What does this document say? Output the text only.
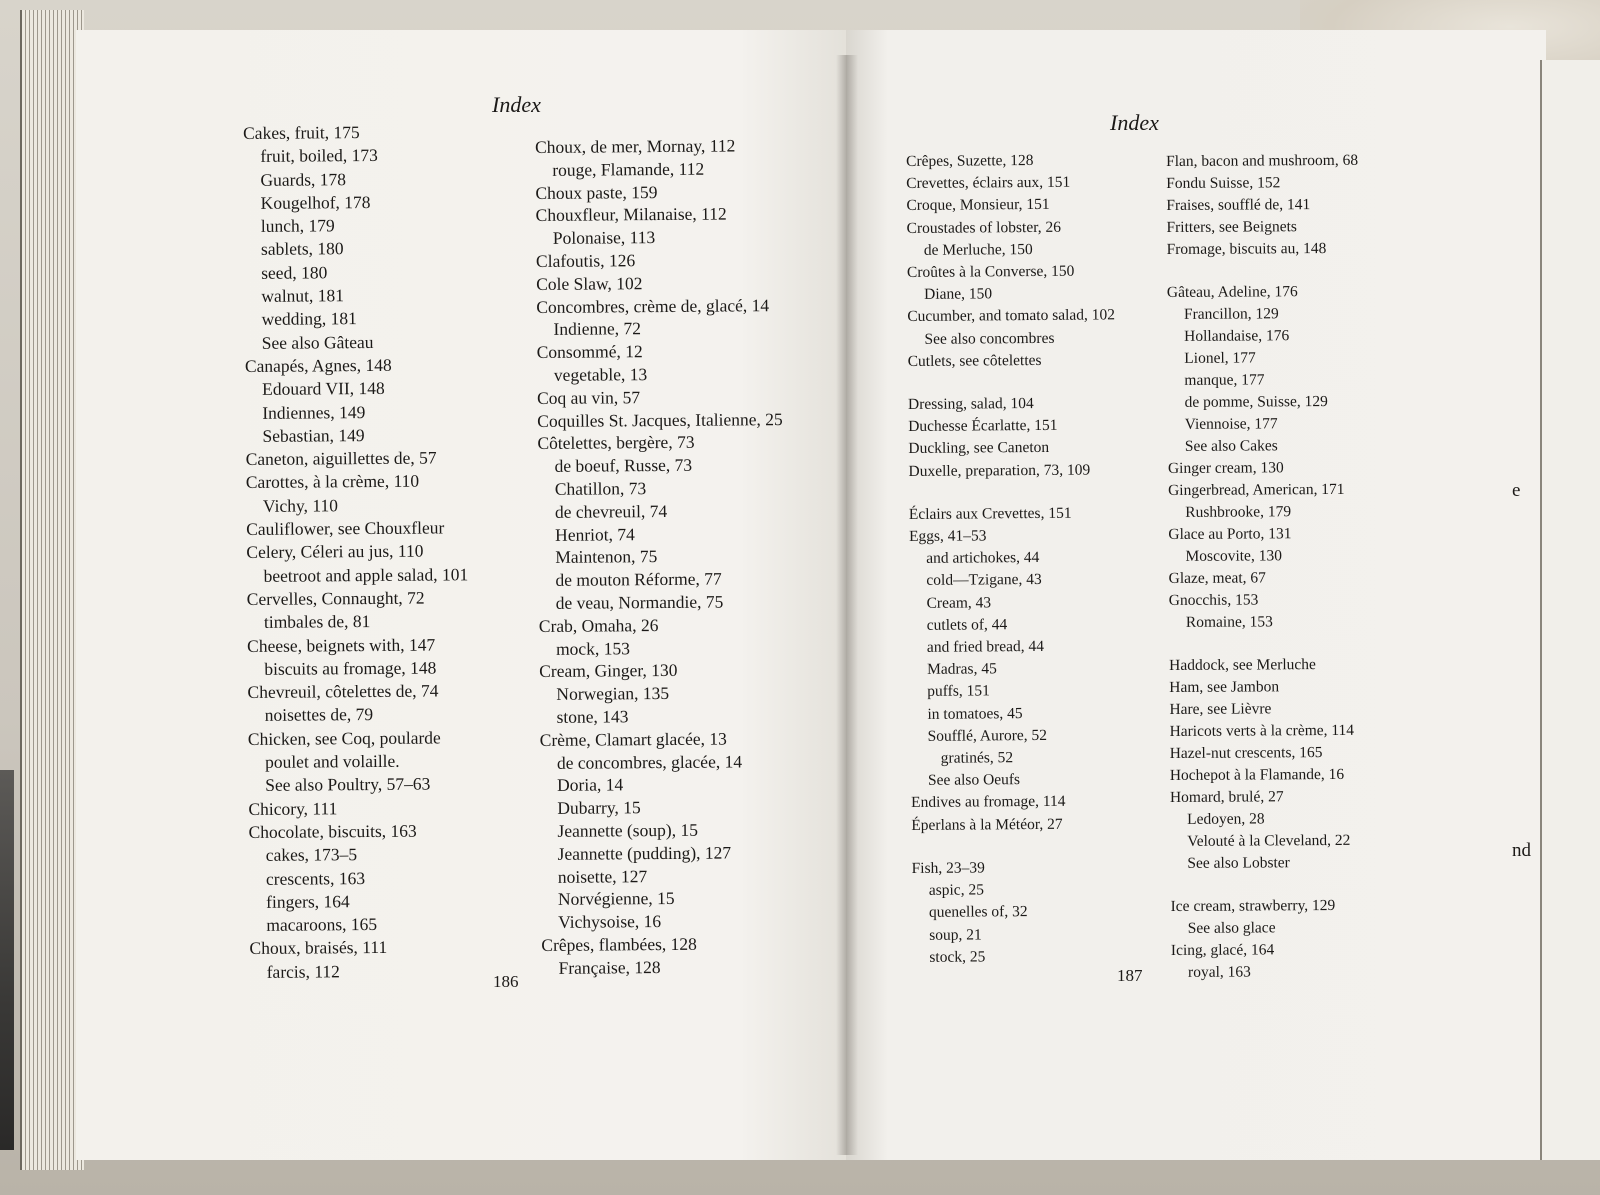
e
nd
Index
Index
Cakes, fruit, 175
fruit, boiled, 173
Guards, 178
Kougelhof, 178
lunch, 179
sablets, 180
seed, 180
walnut, 181
wedding, 181
See also Gâteau
Canapés, Agnes, 148
Edouard VII, 148
Indiennes, 149
Sebastian, 149
Caneton, aiguillettes de, 57
Carottes, à la crème, 110
Vichy, 110
Cauliflower, see Chouxfleur
Celery, Céleri au jus, 110
beetroot and apple salad, 101
Cervelles, Connaught, 72
timbales de, 81
Cheese, beignets with, 147
biscuits au fromage, 148
Chevreuil, côtelettes de, 74
noisettes de, 79
Chicken, see Coq, poularde
poulet and volaille.
See also Poultry, 57–63
Chicory, 111
Chocolate, biscuits, 163
cakes, 173–5
crescents, 163
fingers, 164
macaroons, 165
Choux, braisés, 111
farcis, 112
Choux, de mer, Mornay, 112
rouge, Flamande, 112
Choux paste, 159
Chouxfleur, Milanaise, 112
Polonaise, 113
Clafoutis, 126
Cole Slaw, 102
Concombres, crème de, glacé, 14
Indienne, 72
Consommé, 12
vegetable, 13
Coq au vin, 57
Coquilles St. Jacques, Italienne, 25
Côtelettes, bergère, 73
de boeuf, Russe, 73
Chatillon, 73
de chevreuil, 74
Henriot, 74
Maintenon, 75
de mouton Réforme, 77
de veau, Normandie, 75
Crab, Omaha, 26
mock, 153
Cream, Ginger, 130
Norwegian, 135
stone, 143
Crème, Clamart glacée, 13
de concombres, glacée, 14
Doria, 14
Dubarry, 15
Jeannette (soup), 15
Jeannette (pudding), 127
noisette, 127
Norvégienne, 15
Vichysoise, 16
Crêpes, flambées, 128
Française, 128
Crêpes, Suzette, 128
Crevettes, éclairs aux, 151
Croque, Monsieur, 151
Croustades of lobster, 26
de Merluche, 150
Croûtes à la Converse, 150
Diane, 150
Cucumber, and tomato salad, 102
See also concombres
Cutlets, see côtelettes
Dressing, salad, 104
Duchesse Écarlatte, 151
Duckling, see Caneton
Duxelle, preparation, 73, 109
Éclairs aux Crevettes, 151
Eggs, 41–53
and artichokes, 44
cold—Tzigane, 43
Cream, 43
cutlets of, 44
and fried bread, 44
Madras, 45
puffs, 151
in tomatoes, 45
Soufflé, Aurore, 52
gratinés, 52
See also Oeufs
Endives au fromage, 114
Éperlans à la Météor, 27
Fish, 23–39
aspic, 25
quenelles of, 32
soup, 21
stock, 25
Flan, bacon and mushroom, 68
Fondu Suisse, 152
Fraises, soufflé de, 141
Fritters, see Beignets
Fromage, biscuits au, 148
Gâteau, Adeline, 176
Francillon, 129
Hollandaise, 176
Lionel, 177
manque, 177
de pomme, Suisse, 129
Viennoise, 177
See also Cakes
Ginger cream, 130
Gingerbread, American, 171
Rushbrooke, 179
Glace au Porto, 131
Moscovite, 130
Glaze, meat, 67
Gnocchis, 153
Romaine, 153
Haddock, see Merluche
Ham, see Jambon
Hare, see Lièvre
Haricots verts à la crème, 114
Hazel-nut crescents, 165
Hochepot à la Flamande, 16
Homard, brulé, 27
Ledoyen, 28
Velouté à la Cleveland, 22
See also Lobster
Ice cream, strawberry, 129
See also glace
Icing, glacé, 164
royal, 163
186	187
